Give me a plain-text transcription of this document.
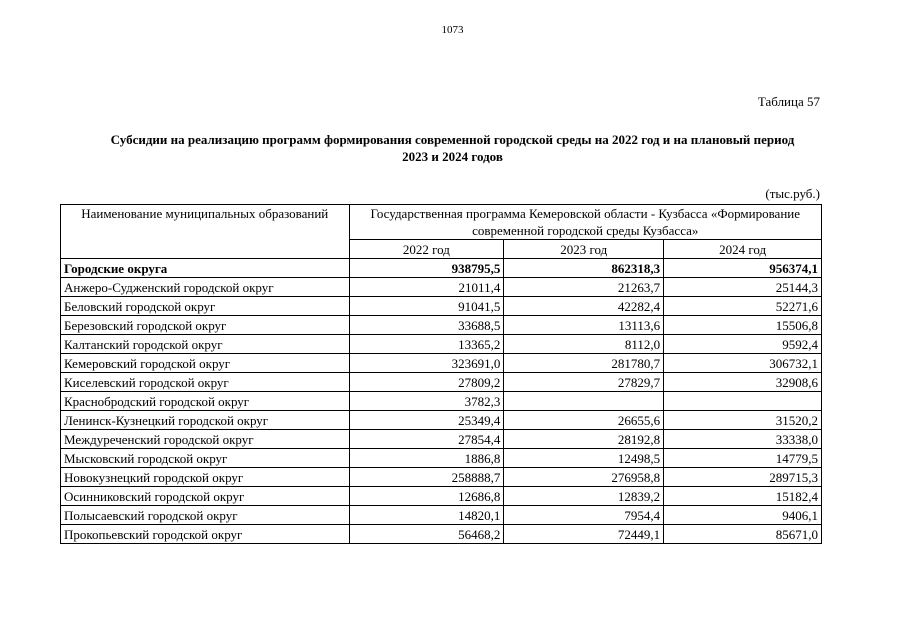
1073
Таблица 57
Субсидии на реализацию программ формирования современной городской среды на 2022 год и на плановый период
2023 и 2024 годов
(тыс.руб.)
Наименование муниципальных образований	Государственная программа Кемеровской области - Кузбасса «Формирование
современной городской среды Кузбасса»		

	2022 год	2023 год	2024 год
Городские округа	938795,5	862318,3	956374,1
Анжеро-Судженский городской округ	21011,4	21263,7	25144,3
Беловский городской округ	91041,5	42282,4	52271,6
Березовский городской округ	33688,5	13113,6	15506,8
Калтанский городской округ	13365,2	8112,0	9592,4
Кемеровский городской округ	323691,0	281780,7	306732,1
Киселевский городской округ	27809,2	27829,7	32908,6
Краснобродский городской округ	3782,3		
Ленинск-Кузнецкий городской округ	25349,4	26655,6	31520,2
Междуреченский городской округ	27854,4	28192,8	33338,0
Мысковский городской округ	1886,8	12498,5	14779,5
Новокузнецкий городской округ	258888,7	276958,8	289715,3
Осинниковский городской округ	12686,8	12839,2	15182,4
Полысаевский городской округ	14820,1	7954,4	9406,1
Прокопьевский городской округ	56468,2	72449,1	85671,0
